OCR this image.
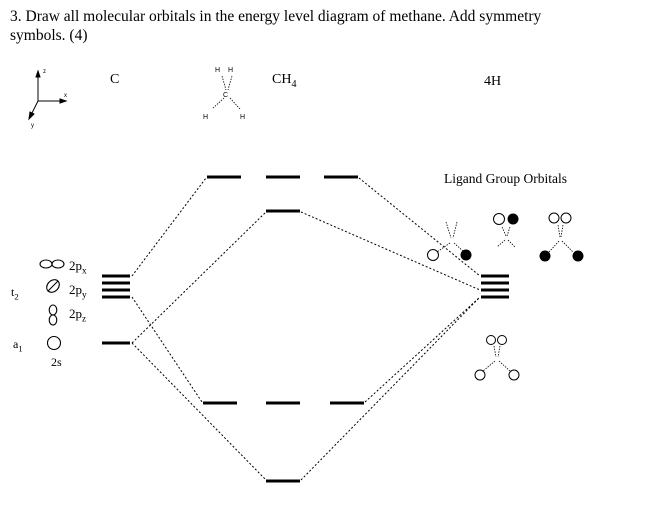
3. Draw all molecular orbitals in the energy level diagram of methane. Add symmetry
symbols. (4)
C	$CH_4$	4H
Ligand Group Orbitals
$2p_x$
$2p_y$
$2p_z$
2s
$t_2$
$a_1$
z
x
y
H H
C
H	H
